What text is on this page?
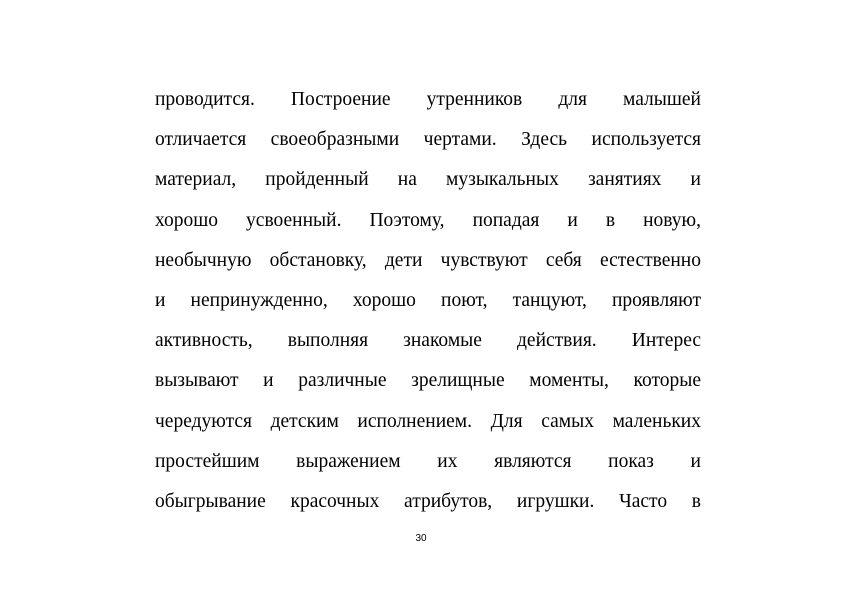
проводится. Построение утренников для малышей
отличается своеобразными чертами. Здесь используется
материал, пройденный на музыкальных занятиях и
хорошо усвоенный. Поэтому, попадая и в новую,
необычную обстановку, дети чувствуют себя естественно
и непринужденно, хорошо поют, танцуют, проявляют
активность, выполняя знакомые действия. Интерес
вызывают и различные зрелищные моменты, которые
чередуются детским исполнением. Для самых маленьких
простейшим выражением их являются показ и
обыгрывание красочных атрибутов, игрушки. Часто в
30
